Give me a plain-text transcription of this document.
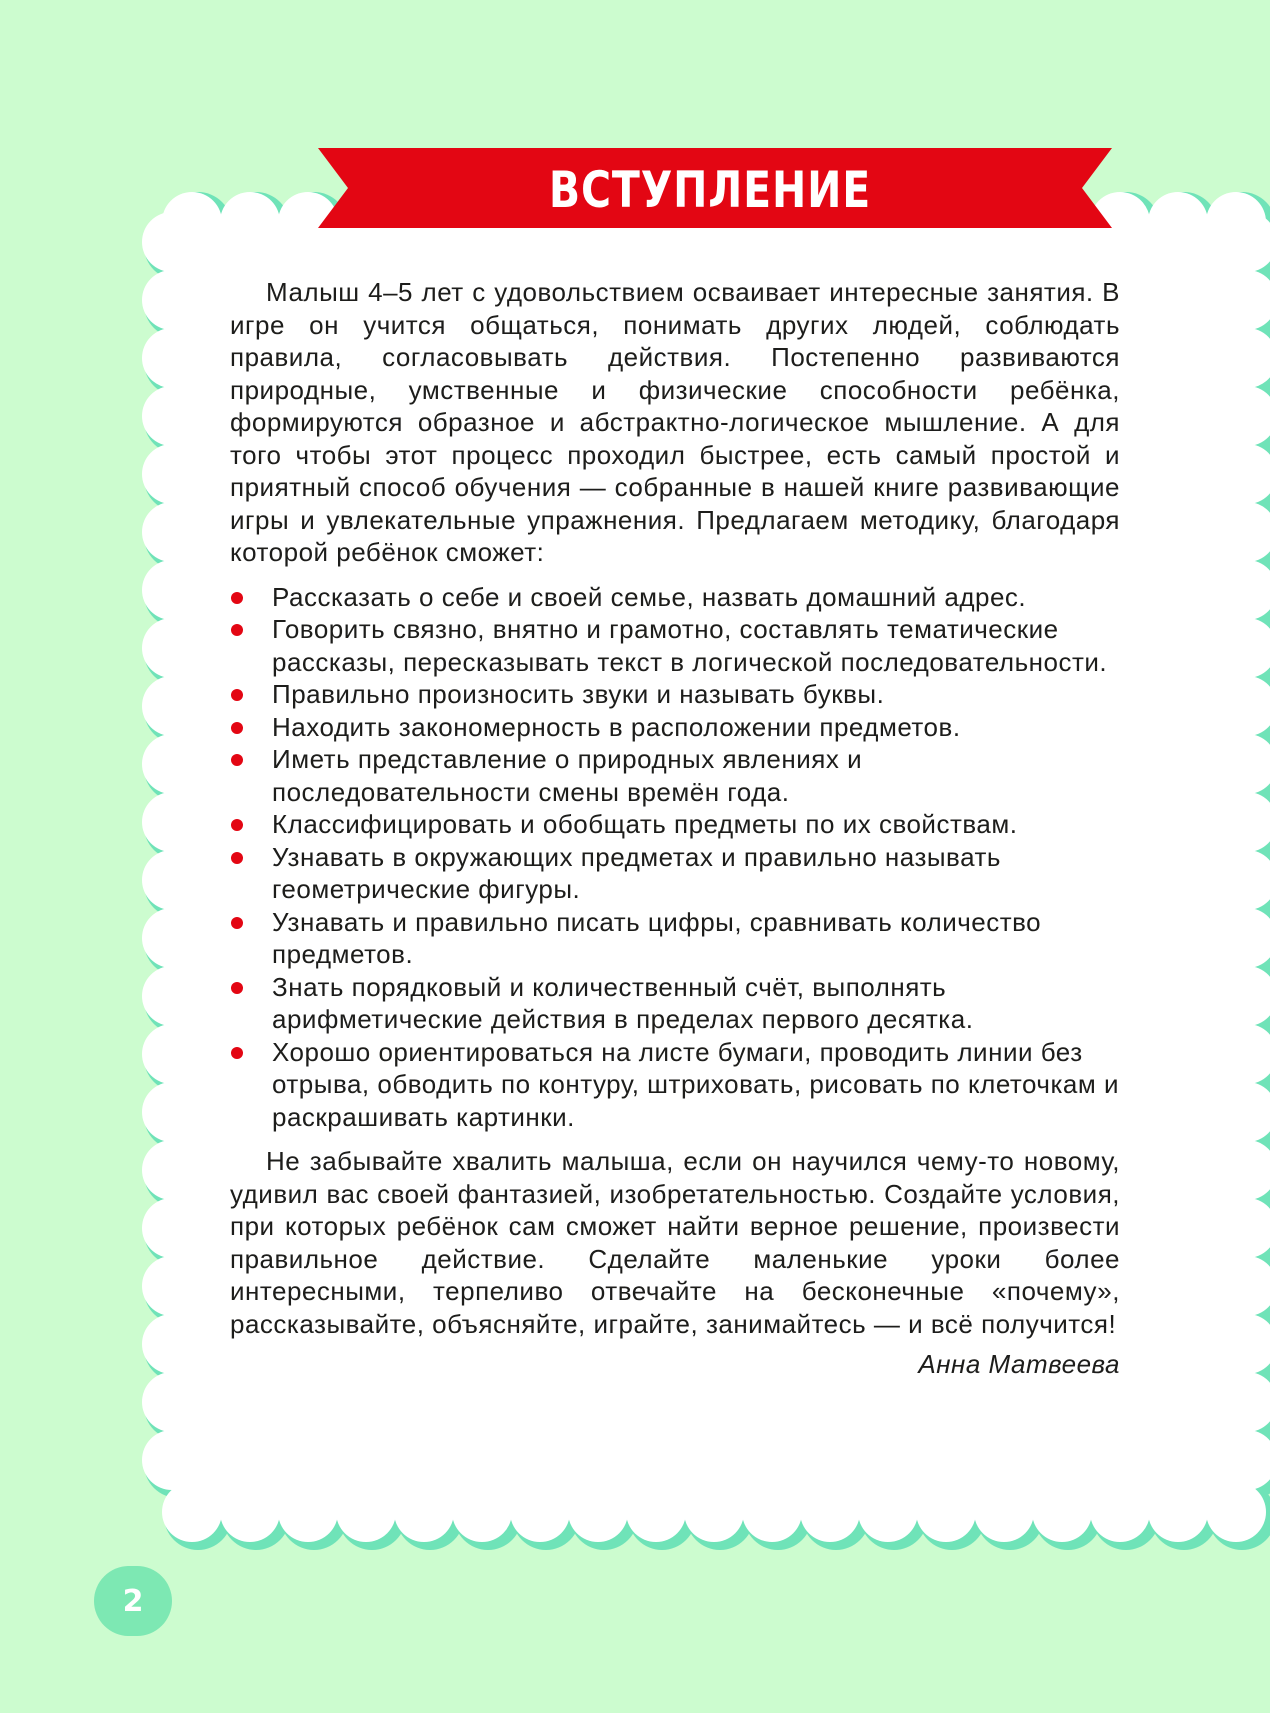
ВСТУПЛЕНИЕ

Малыш 4–5 лет с удовольствием осваивает интересные занятия. В игре он учится общаться, понимать других людей, соблюдать правила, согласовывать действия. Постепенно развиваются природные, умственные и физические способности ребёнка, формируются образное и абстрактно-логическое мышление. А для того чтобы этот процесс проходил быстрее, есть самый простой и приятный способ обучения — собранные в нашей книге развивающие игры и увлекательные упражнения. Предлагаем методику, благодаря которой ребёнок сможет:

Рассказать о себе и своей семье, назвать домашний адрес.
Говорить связно, внятно и грамотно, составлять тематические рассказы, пересказывать текст в логической последовательности.
Правильно произносить звуки и называть буквы.
Находить закономерность в расположении предметов.
Иметь представление о природных явлениях и последовательности смены времён года.
Классифицировать и обобщать предметы по их свойствам.
Узнавать в окружающих предметах и правильно называть геометрические фигуры.
Узнавать и правильно писать цифры, сравнивать количество предметов.
Знать порядковый и количественный счёт, выполнять арифметические действия в пределах первого десятка.
Хорошо ориентироваться на листе бумаги, проводить линии без отрыва, обводить по контуру, штриховать, рисовать по клеточкам и раскрашивать картинки.

Не забывайте хвалить малыша, если он научился чему-то новому, удивил вас своей фантазией, изобретательностью. Создайте условия, при которых ребёнок сам сможет найти верное решение, произвести правильное действие. Сделайте маленькие уроки более интересными, терпеливо отвечайте на бесконечные «почему», рассказывайте, объясняйте, играйте, занимайтесь — и всё получится!

Анна Матвеева
2
